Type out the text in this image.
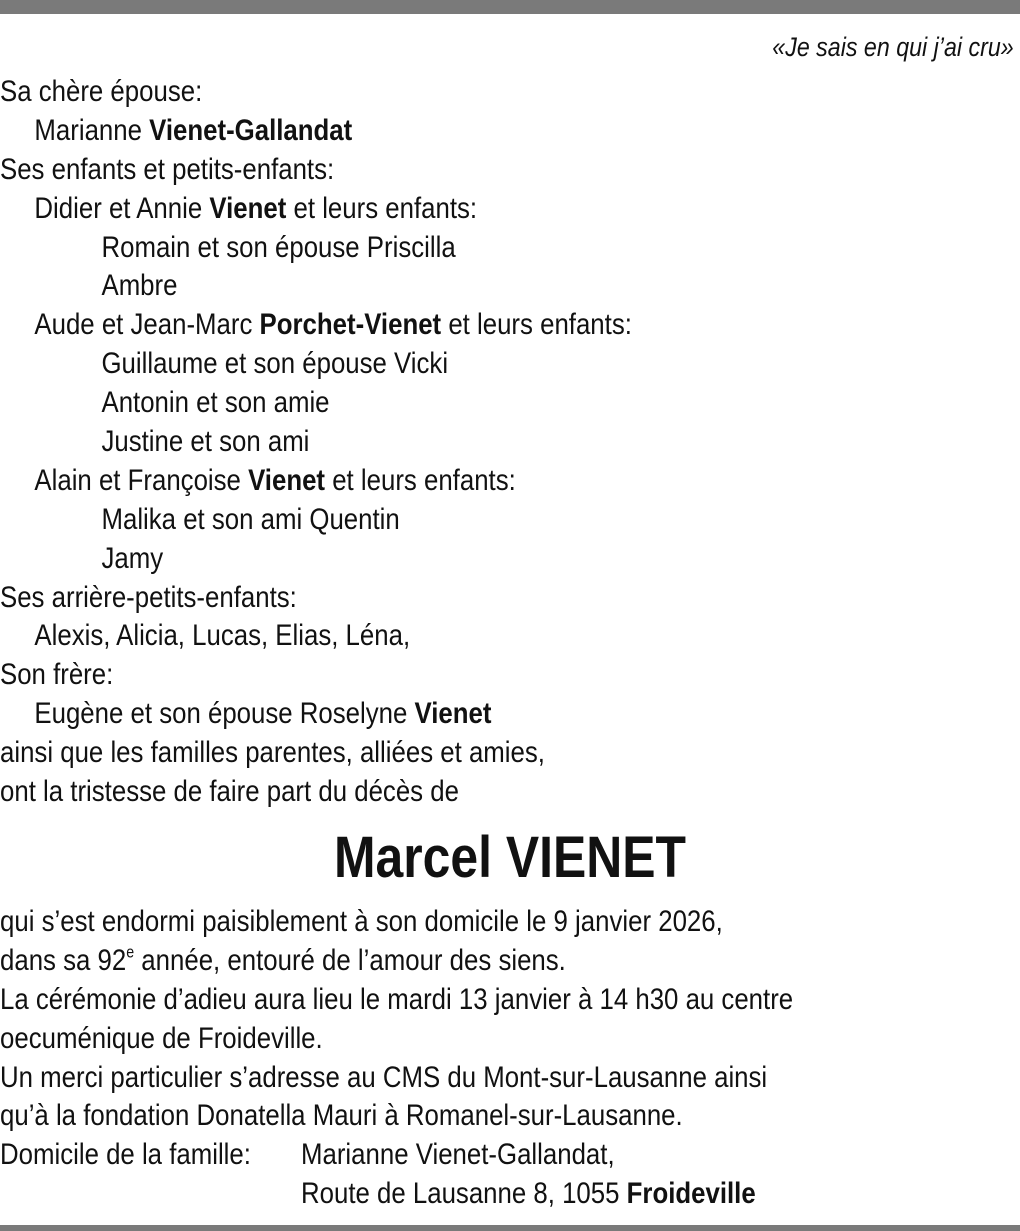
«Je sais en qui j’ai cru»
Sa chère épouse:
Marianne Vienet-Gallandat
Ses enfants et petits-enfants:
Didier et Annie Vienet et leurs enfants:
Romain et son épouse Priscilla
Ambre
Aude et Jean-Marc Porchet-Vienet et leurs enfants:
Guillaume et son épouse Vicki
Antonin et son amie
Justine et son ami
Alain et Françoise Vienet et leurs enfants:
Malika et son ami Quentin
Jamy
Ses arrière-petits-enfants:
Alexis, Alicia, Lucas, Elias, Léna,
Son frère:
Eugène et son épouse Roselyne Vienet
ainsi que les familles parentes, alliées et amies,
ont la tristesse de faire part du décès de
Marcel VIENET
qui s’est endormi paisiblement à son domicile le 9 janvier 2026,
dans sa 92e année, entouré de l’amour des siens.
La cérémonie d’adieu aura lieu le mardi 13 janvier à 14 h30 au centre
oecuménique de Froideville.
Un merci particulier s’adresse au CMS du Mont-sur-Lausanne ainsi
qu’à la fondation Donatella Mauri à Romanel-sur-Lausanne.
Domicile de la famille: Marianne Vienet-Gallandat,
Route de Lausanne 8, 1055 Froideville
